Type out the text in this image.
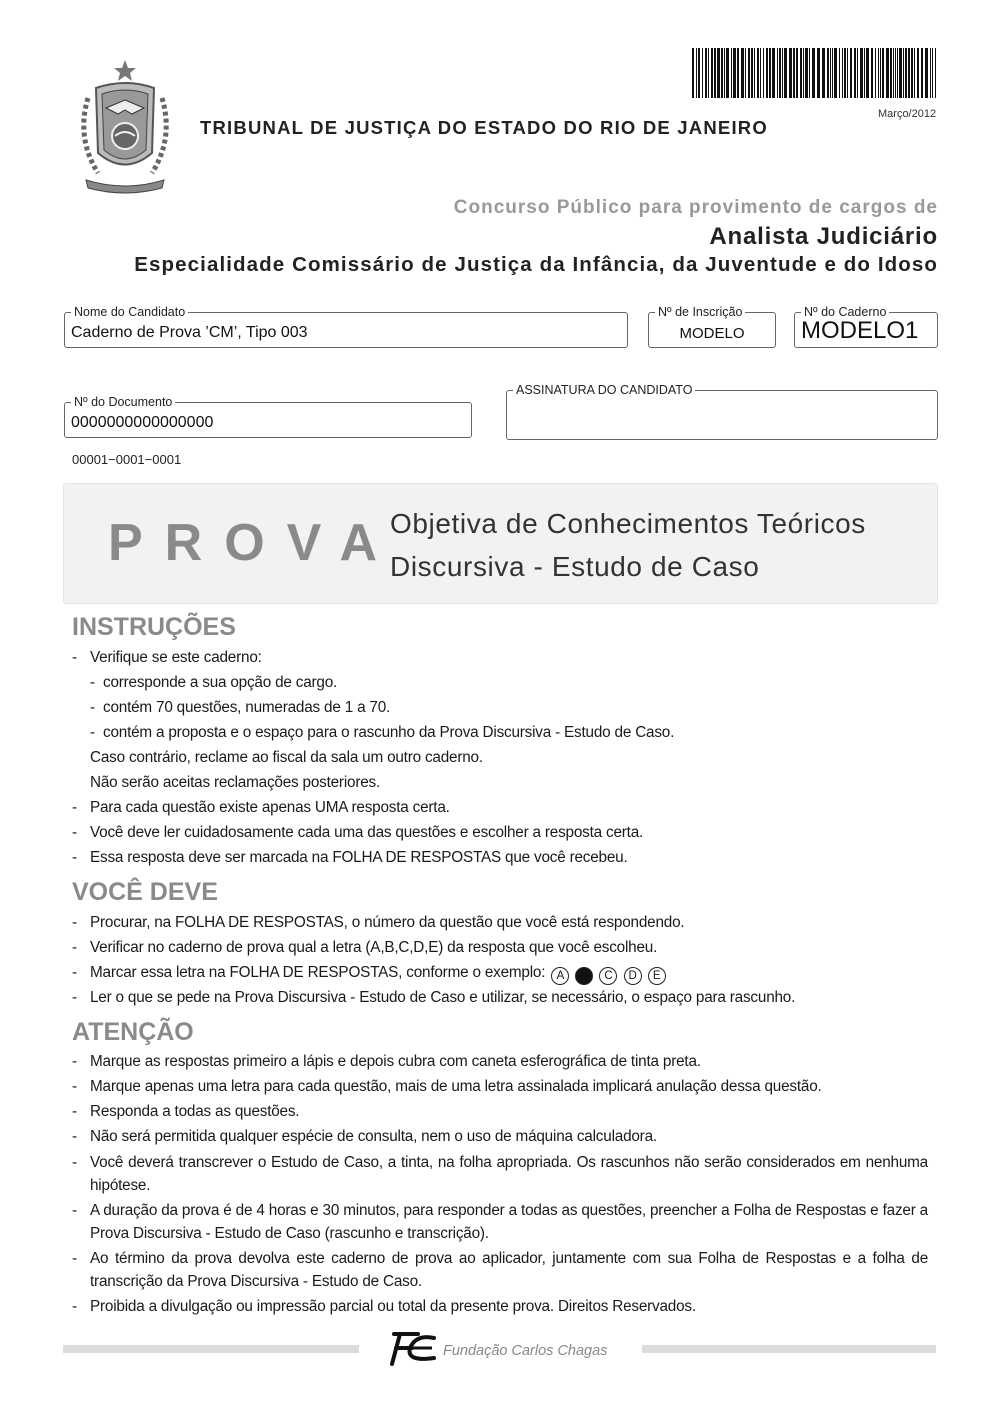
Março/2012
TRIBUNAL DE JUSTIÇA DO ESTADO DO RIO DE JANEIRO
Concurso Público para provimento de cargos de
Analista Judiciário
Especialidade Comissário de Justiça da Infância, da Juventude e do Idoso
Nome do Candidato
Caderno de Prova ’CM’, Tipo 003
Nº de Inscrição
MODELO
Nº do Caderno
MODELO1
Nº do Documento
0000000000000000
ASSINATURA DO CANDIDATO
00001−0001−0001
PROVA
Objetiva de Conhecimentos Teóricos
Discursiva - Estudo de Caso
INSTRUÇÕES
- Verifique se este caderno:
- corresponde a sua opção de cargo.
- contém 70 questões, numeradas de 1 a 70.
- contém a proposta e o espaço para o rascunho da Prova Discursiva - Estudo de Caso.
Caso contrário, reclame ao fiscal da sala um outro caderno.
Não serão aceitas reclamações posteriores.
- Para cada questão existe apenas UMA resposta certa.
- Você deve ler cuidadosamente cada uma das questões e escolher a resposta certa.
- Essa resposta deve ser marcada na FOLHA DE RESPOSTAS que você recebeu.
VOCÊ DEVE
- Procurar, na FOLHA DE RESPOSTAS, o número da questão que você está respondendo.
- Verificar no caderno de prova qual a letra (A,B,C,D,E) da resposta que você escolheu.
- Marcar essa letra na FOLHA DE RESPOSTAS, conforme o exemplo: A B C D E
- Ler o que se pede na Prova Discursiva - Estudo de Caso e utilizar, se necessário, o espaço para rascunho.
ATENÇÃO
- Marque as respostas primeiro a lápis e depois cubra com caneta esferográfica de tinta preta.
- Marque apenas uma letra para cada questão, mais de uma letra assinalada implicará anulação dessa questão.
- Responda a todas as questões.
- Não será permitida qualquer espécie de consulta, nem o uso de máquina calculadora.
- Você deverá transcrever o Estudo de Caso, a tinta, na folha apropriada. Os rascunhos não serão considerados em nenhuma hipótese.
- A duração da prova é de 4 horas e 30 minutos, para responder a todas as questões, preencher a Folha de Respostas e fazer a Prova Discursiva - Estudo de Caso (rascunho e transcrição).
- Ao término da prova devolva este caderno de prova ao aplicador, juntamente com sua Folha de Respostas e a folha de transcrição da Prova Discursiva - Estudo de Caso.
- Proibida a divulgação ou impressão parcial ou total da presente prova. Direitos Reservados.
Fundação Carlos Chagas
